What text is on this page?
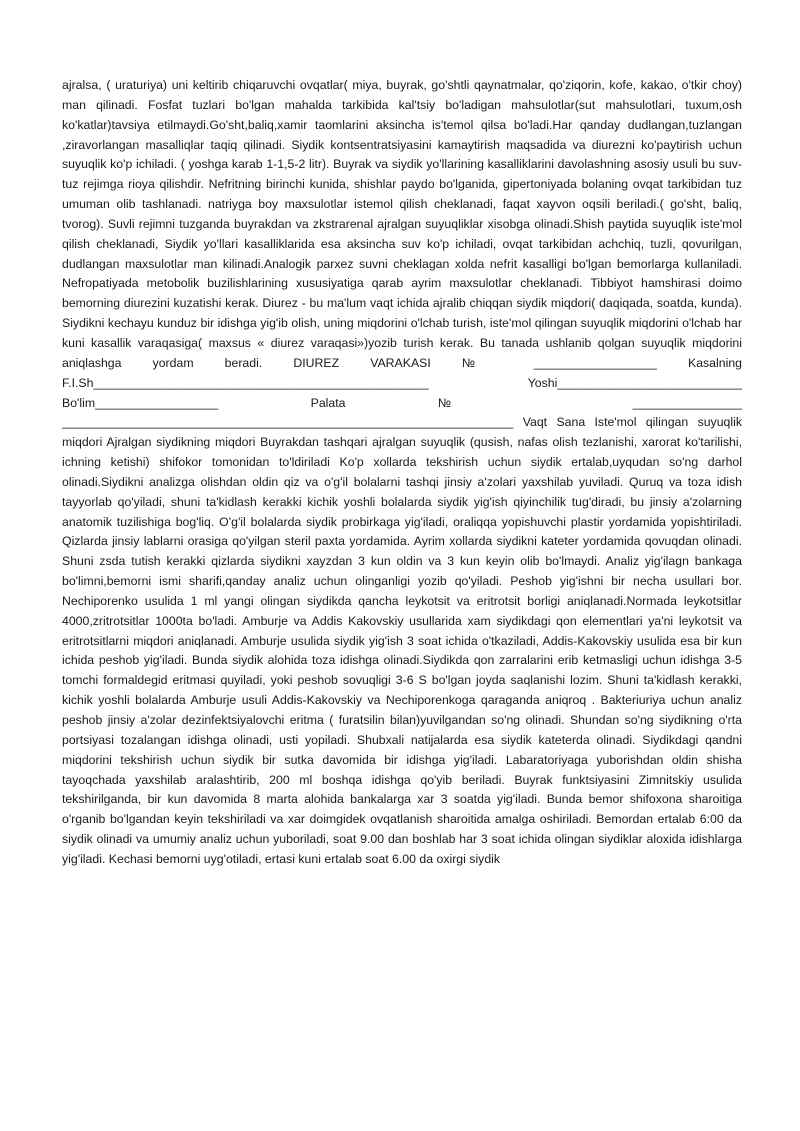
ajralsa, ( uraturiya) uni keltirib chiqaruvchi ovqatlar( miya, buyrak, go'shtli qaynatmalar, qo'ziqorin, kofe, kakao, o'tkir choy) man qilinadi. Fosfat tuzlari bo'lgan mahalda tarkibida kal'tsiy bo'ladigan mahsulotlar(sut mahsulotlari, tuxum,osh ko'katlar)tavsiya etilmaydi.Go'sht,baliq,xamir taomlarini aksincha is'temol qilsa bo'ladi.Har qanday dudlangan,tuzlangan ,ziravorlangan masalliqlar taqiq qilinadi. Siydik kontsentratsiyasini kamaytirish maqsadida va diurezni ko'paytirish uchun suyuqlik ko'p ichiladi. ( yoshga karab 1-1,5-2 litr). Buyrak va siydik yo'llarining kasalliklarini davolashning asosiy usuli bu suv-tuz rejimga rioya qilishdir. Nefritning birinchi kunida, shishlar paydo bo'lganida, gipertoniyada bolaning ovqat tarkibidan tuz umuman olib tashlanadi. natriyga boy maxsulotlar istemol qilish cheklanadi, faqat xayvon oqsili beriladi.( go'sht, baliq, tvorog). Suvli rejimni tuzganda buyrakdan va zkstrarenal ajralgan suyuqliklar xisobga olinadi.Shish paytida suyuqlik iste'mol qilish cheklanadi, Siydik yo'llari kasalliklarida esa aksincha suv ko'p ichiladi, ovqat tarkibidan achchiq, tuzli, qovurilgan, dudlangan maxsulotlar man kilinadi.Analogik parxez suvni cheklagan xolda nefrit kasalligi bo'lgan bemorlarga kullaniladi. Nefropatiyada metobolik buzilishlarining xususiyatiga qarab ayrim maxsulotlar cheklanadi. Tibbiyot hamshirasi doimo bemorning diurezini kuzatishi kerak. Diurez - bu ma'lum vaqt ichida ajralib chiqqan siydik miqdori( daqiqada, soatda, kunda). Siydikni kechayu kunduz bir idishga yig'ib olish, uning miqdorini o'lchab turish, iste'mol qilingan suyuqlik miqdorini o'lchab har kuni kasallik varaqasiga( maxsus « diurez varaqasi»)yozib turish kerak. Bu tanada ushlanib qolgan suyuqlik miqdorini aniqlashga yordam beradi. DIUREZ VARAKASI № __________________ Kasalning F.I.Sh_________________________________________________ Yoshi___________________________ Bo'lim__________________ Palata № ________________ __________________________________________________________________ Vaqt Sana Iste'mol qilingan suyuqlik miqdori Ajralgan siydikning miqdori Buyrakdan tashqari ajralgan suyuqlik (qusish, nafas olish tezlanishi, xarorat ko'tarilishi, ichning ketishi) shifokor tomonidan to'ldiriladi Ko'p xollarda tekshirish uchun siydik ertalab,uyqudan so'ng darhol olinadi.Siydikni analizga olishdan oldin qiz va o'g'il bolalarni tashqi jinsiy a'zolari yaxshilab yuviladi. Quruq va toza idish tayyorlab qo'yiladi, shuni ta'kidlash kerakki kichik yoshli bolalarda siydik yig'ish qiyinchilik tug'diradi, bu jinsiy a'zolarning anatomik tuzilishiga bog'liq. O'g'il bolalarda siydik probirkaga yig'iladi, oraliqqa yopishuvchi plastir yordamida yopishtiriladi. Qizlarda jinsiy lablarni orasiga qo'yilgan steril paxta yordamida. Ayrim xollarda siydikni kateter yordamida qovuqdan olinadi. Shuni zsda tutish kerakki qizlarda siydikni xayzdan 3 kun oldin va 3 kun keyin olib bo'lmaydi. Analiz yig'ilagn bankaga bo'limni,bemorni ismi sharifi,qanday analiz uchun olinganligi yozib qo'yiladi. Peshob yig'ishni bir necha usullari bor. Nechiporenko usulida 1 ml yangi olingan siydikda qancha leykotsit va eritrotsit borligi aniqlanadi.Normada leykotsitlar 4000,zritrotsitlar 1000ta bo'ladi. Amburje va Addis Kakovskiy usullarida xam siydikdagi qon elementlari ya'ni leykotsit va eritrotsitlarni miqdori aniqlanadi. Amburje usulida siydik yig'ish 3 soat ichida o'tkaziladi, Addis-Kakovskiy usulida esa bir kun ichida peshob yig'iladi. Bunda siydik alohida toza idishga olinadi.Siydikda qon zarralarini erib ketmasligi uchun idishga 3-5 tomchi formaldegid eritmasi quyiladi, yoki peshob sovuqligi 3-6 S bo'lgan joyda saqlanishi lozim. Shuni ta'kidlash kerakki, kichik yoshli bolalarda Amburje usuli Addis-Kakovskiy va Nechiporenkoga qaraganda aniqroq . Bakteriuriya uchun analiz peshob jinsiy a'zolar dezinfektsiyalovchi eritma ( furatsilin bilan)yuvilgandan so'ng olinadi. Shundan so'ng siydikning o'rta portsiyasi tozalangan idishga olinadi, usti yopiladi. Shubxali natijalarda esa siydik kateterda olinadi. Siydikdagi qandni miqdorini tekshirish uchun siydik bir sutka davomida bir idishga yig'iladi. Labaratoriyaga yuborishdan oldin shisha tayoqchada yaxshilab aralashtirib, 200 ml boshqa idishga qo'yib beriladi. Buyrak funktsiyasini Zimnitskiy usulida tekshirilganda, bir kun davomida 8 marta alohida bankalarga xar 3 soatda yig'iladi. Bunda bemor shifoxona sharoitiga o'rganib bo'lgandan keyin tekshiriladi va xar doimgidek ovqatlanish sharoitida amalga oshiriladi. Bemordan ertalab 6:00 da siydik olinadi va umumiy analiz uchun yuboriladi, soat 9.00 dan boshlab har 3 soat ichida olingan siydiklar aloxida idishlarga yig'iladi. Kechasi bemorni uyg'otiladi, ertasi kuni ertalab soat 6.00 da oxirgi siydik
